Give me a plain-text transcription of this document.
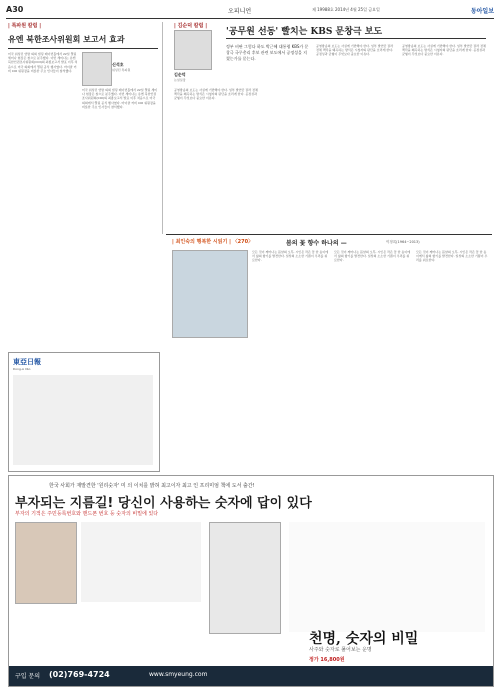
A30	오피니언	제 19988호 2014년 4월 25일 금요일	동아일보
| 특파원 칼럼 |
유엔 북한조사위원회 보고서 효과
미국 워싱턴 연방 의회 빌딩 레이번홀에서 22일 열린 세미나 현장은 참으로 분주했다. 이번 세미나는 유엔 북한인권조사위원회(COI)의 최종보고서 발표 이후 처음으로 미국 의회에서 열린 공식 행사였다. 마이클 커비 COI 위원장을 비롯한 주요 인사들이 참석했다.
신석호
워싱턴 특파원
미국 워싱턴 연방 의회 빌딩 레이번홀에서 22일 열린 세미나 현장은 참으로 분주했다. 이번 세미나는 유엔 북한인권조사위원회(COI)의 최종보고서 발표 이후 처음으로 미국 의회에서 열린 공식 행사였다. 마이클 커비 COI 위원장을 비롯한 주요 인사들이 참석했다.
| 김순덕 칼럼 |
김순덕
논설실장
'공무원 선동' 빨치는 KBS 문창극 보도
정부 비판 그렇다 하도 박근혜 대통령 KBS가 문창극 국무총리 후보 관련 보도에서 공정성을 지켰는가를 묻는다.
공영방송의 보도는 사실에 기반해야 한다. 일부 발언만 잘라 전체 맥락을 왜곡하는 방식은 시청자의 판단을 흐리게 한다. 공정성과 균형이 무엇보다 중요한 이유다.
공영방송의 보도는 사실에 기반해야 한다. 일부 발언만 잘라 전체 맥락을 왜곡하는 방식은 시청자의 판단을 흐리게 한다. 공정성과 균형이 무엇보다 중요한 이유다.
공영방송의 보도는 사실에 기반해야 한다. 일부 발언만 잘라 전체 맥락을 왜곡하는 방식은 시청자의 판단을 흐리게 한다. 공정성과 균형이 무엇보다 중요한 이유다.
| 최인숙의 행복한 시읽기 | 〈270〉	봄의 꽃 향수 하나의 —	이정록(1964~2013)
모든 것이 깨어나는 봄날의 오후, 시인은 작은 꽃 한 송이에서 삶의 향기를 발견한다. 일상의 소소한 기쁨이 우리를 위로한다.
모든 것이 깨어나는 봄날의 오후, 시인은 작은 꽃 한 송이에서 삶의 향기를 발견한다. 일상의 소소한 기쁨이 우리를 위로한다.
모든 것이 깨어나는 봄날의 오후, 시인은 작은 꽃 한 송이에서 삶의 향기를 발견한다. 일상의 소소한 기쁨이 우리를 위로한다.
東亞日報
Dong-A Ilbo
한국 사회가 재발견한 '원리숫자' 미 의 이치를 밝혀 최고이자 최고 인 프리미엄 책에 도서 출간!
부자되는 지름길! 당신이 사용하는 숫자에 답이 있다
부자의 기적은 주민등록번호와 핸드폰 번호 등 숫자의 비밀에 있다
천명, 숫자의 비밀
사주와 숫자로 풀어보는 운명
정가 16,800원
구입 문의 (02)769-4724	www.smyeung.com
